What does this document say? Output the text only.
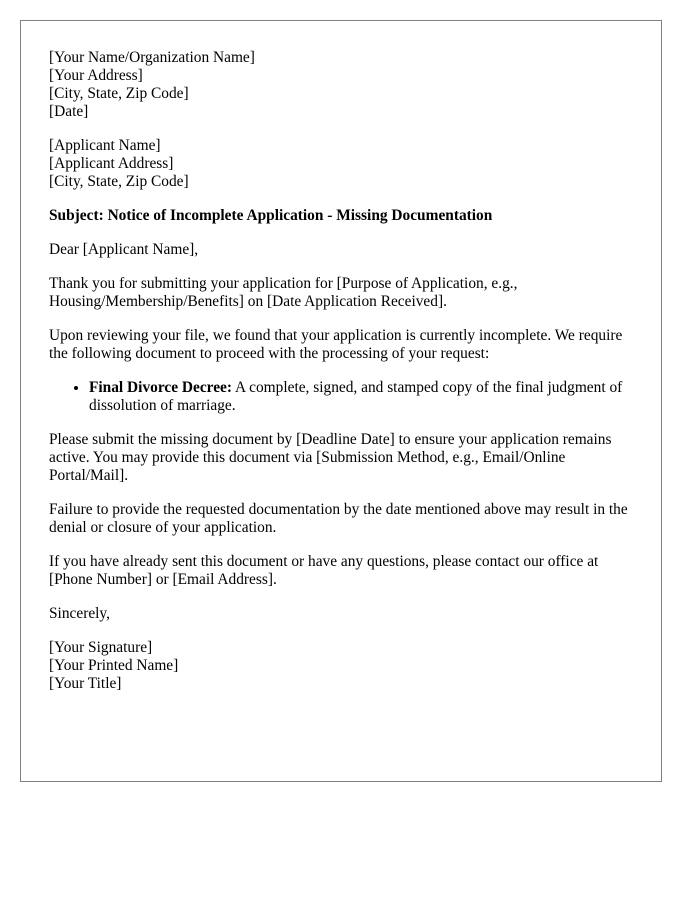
[Your Name/Organization Name]
[Your Address]
[City, State, Zip Code]
[Date]
[Applicant Name]
[Applicant Address]
[City, State, Zip Code]
Subject: Notice of Incomplete Application - Missing Documentation
Dear [Applicant Name],
Thank you for submitting your application for [Purpose of Application, e.g., Housing/Membership/Benefits] on [Date Application Received].
Upon reviewing your file, we found that your application is currently incomplete. We require the following document to proceed with the processing of your request:
• Final Divorce Decree: A complete, signed, and stamped copy of the final judgment of dissolution of marriage.
Please submit the missing document by [Deadline Date] to ensure your application remains active. You may provide this document via [Submission Method, e.g., Email/Online Portal/Mail].
Failure to provide the requested documentation by the date mentioned above may result in the denial or closure of your application.
If you have already sent this document or have any questions, please contact our office at [Phone Number] or [Email Address].
Sincerely,
[Your Signature]
[Your Printed Name]
[Your Title]
